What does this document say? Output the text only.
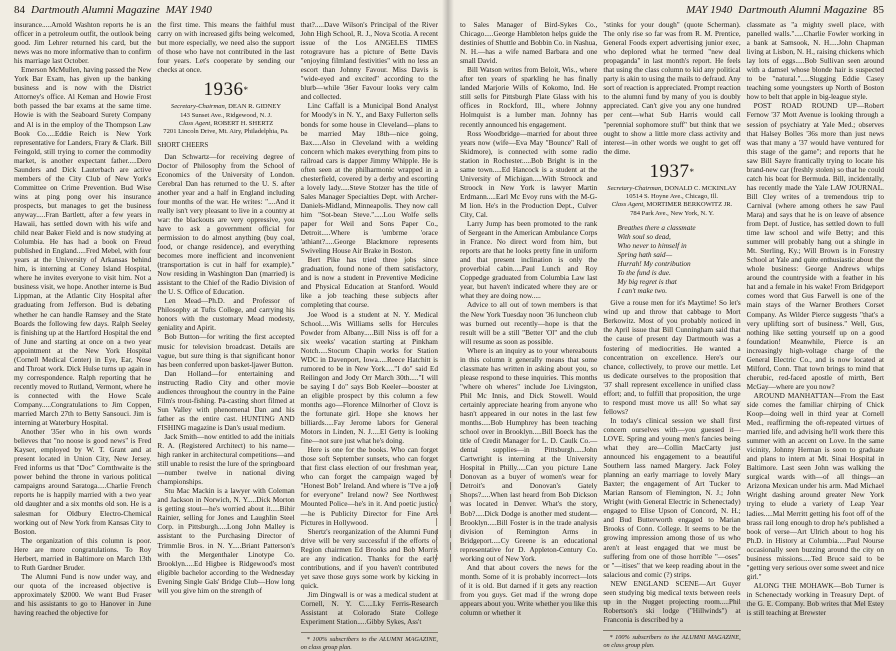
84 Dartmouth Alumni Magazine MAY 1940

insurance.....Arnold Washton reports he is an officer in a petroleum outfit, the outlook being good. Jim Lehrer returned his card, but the news was no more informative than to confirm his marriage last October.

Emerson McMullen, having passed the New York Bar Exam, has given up the banking business and is now with the District Attorney's office. Al Keman and Howie Frost both passed the bar exams at the same time. Howie is with the Seaboard Surety Company and Al is in the employ of the Thompson Law Book Co.....Eddie Reich is New York representative for Landers, Frary & Clark. Bill Feingold, still trying to corner the commodity market, is another expectant father.....Dero Saunders and Dick Lauterbach are active members of the City Club of New York's Committee on Crime Prevention. Bud Wise wins at ping pong over his insurance prospects, but manages to get the business anyway.....Fran Bartlett, after a few years in Hawaii, has settled down with his wife and child near Baker Field and is now studying at Columbia. He has had a book on Freud published in England.....Fred Mebel, with four years at the University of Arkansas behind him, is interning at Coney Island Hospital, where he invites everyone to visit him. Not a business visit, we hope. Another interne is Bud Lippman, at the Atlantic City Hospital after graduating from Jefferson. Bud is debating whether he can handle Ramsey and the State Boards the following few days. Ralph Seeley is finishing up at the Hartford Hospital the end of June and starting at once on a two year appointment at the New York Hospital (Cornell Medical Center) in Eye, Ear, Nose and Throat work. Dick Hulse turns up again in my correspondence. Ralph reporting that he recently moved to Rutland, Vermont, where he is connected with the Howe Scale Company.....Congratulations to Jim Coppen, married March 27th to Betty Sansouci. Jim is interning at Waterbury Hospital.

Another '35er who in his own words believes that "no noose is good news" is Fred Kayser, employed by W. T. Grant and at present located in Union City, New Jersey. Fred informs us that "Doc" Cornthwaite is the power behind the throne in various political campaigns around Saratoga.....Charlie French reports he is happily married with a two year old daughter and a six months old son. He is a salesman for Oldbury Electro-Chemical working out of New York from Kansas City to Boston.

The organization of this column is poor. Here are more congratulations. To Roy Herbert, married in Baltimore on March 13th to Ruth Gardner Bruder.

The Alumni Fund is now under way, and our quota of the increased objective is approximately $2000. We want Bud Fraser and his assistants to go to Hanover in June having reached the objective for

the first time. This means the faithful must carry on with increased gifts being welcomed, but more especially, we need also the support of those who have not contributed in the last four years. Let's cooperate by sending our checks at once.

1936*
Secretary-Chairman, DEAN R. GIDNEY
143 Sunset Ave., Ridgewood, N. J.
Class Agent, ROBERT H. SHERTZ
7201 Lincoln Drive, Mt. Airy, Philadelphia, Pa.
SHORT CHEERS

Dan Schwartz—for receiving degree of Doctor of Philosophy from the School of Economics of the University of London. Cerebral Dan has returned to the U. S. after another year and a half in England including four months of the war. He writes: "....And it really isn't very pleasant to live in a country at war: the blackouts are very oppressive, you have to ask a government official for permission to do almost anything (buy coal, food, or change residence), and everything becomes more inefficient and inconvenient (transportation is cut in half for example)." Now residing in Washington Dan (married) is assistant to the Chief of the Radio Division of the U. S. Office of Education.

Len Mead—Ph.D. and Professor of Philosophy at Tufts College, and carrying his honors with the customary Mead modesty, geniality and Apirit.

Bob Button—for writing the first accepted music for television broadcast. Details are vague, but sure thing is that significant honor has been conferred upon basket-ljawer Button.

Dan Holland—for entertaining and instructing Radio City and other movie audiences throughout the country in the Paine Film's trout-fishing. Pa-casting short filmed at Sun Valley with phenomenal Dan and his father as the entire cast. HUNTING AND FISHING magazine is Dan's usual medium.

Jack Smith—now entitled to add the initials R. A. (Registered Architect) to his name—high ranker in architectural competitions—and still unable to resist the lure of the springboard—number twelve in national diving championships.

Stu Mac Mackin is a lawyer with Coleman and Jackson in Norwich, N. Y.....Dick Morton is getting stout—he's worried about it.....Bihir Rainier, selling for Jones and Laughlin Steel Corp. in Pittsburgh.....Long John Malley is assistant to the Purchasing Director of Trimmlie Bros. in N. Y.....Briant Patterson's with the Mergenthaler Linotype Co. Brooklyn.....Ed Higbee is Ridgewood's most eligible bachelor according to the Wednesday Evening Single Gals' Bridge Club—How long will you give him on the strength of

that?.....Dave Wilson's Principal of the River John High School, R. J., Nova Scotia. A recent issue of the Los ANGELES TIMES rotogravure has a picture of Bette Davis "enjoying filmland festivities" with no less an escort than Johnny Favour. Miss Davis is "wide-eyed and excited" according to the blurb—while '36er Favour looks very calm and collected.

Linc Caffall is a Municipal Bond Analyst for Moody's in N. Y., and Baxy Fullerton sells bonds for some house in Cleveland—plans to be married May 18th—nice going, Bax.....Also in Cleveland with a welding concern which makes everything from pins to railroad cars is dapper Jimmy Whipple. He is often seen at the philharmonic wrapped in a chesterfield, covered by a derby and escorting a lovely lady.....Steve Stotzer has the title of Sales Manager Specialties Dept. with Archer-Daniels-Midland, Minneapolis. They now call him "Sot-bean Steve.".....Lou Wolfe sells paper for Weil and Sons Paper Co., Detroit.....Where is 'umbrme 'orace 'athiant?.....George Blackmore represents Swiveling House Air Brake in Boston.

Bert Pike has tried three jobs since graduation, found none of them satisfactory, and is now a student in Preventive Medicine and Physical Education at Stanford. Would like a job teaching these subjects after completing that course.

Joe Wood is a student at N. Y. Medical School.....Wis Williams sells for Hercules Powder from Albany.....Bill Niss is off for a six weeks' vacation starting at Pinkham Notch.....Stocum Chapin works for Station WDC in Davenport, Iowa.....Reece Hatchitt is rumored to be in New York....."I do" said Ed Reilingon and Jody Orr March 30th....."I will be saying I do" says Bob Keeler—booster at an eligible prospect by this column a few months ago—Florence Milnorher of Clovz is the fortunate girl. Hope she knows her billiards.....Fay Jerome labors for General Motors in Linden, N. J.....El Getty is looking fine—not sure just what he's doing.

Here is one for the books. Who can forget those soft September sunsets, who can forget that first class election of our freshman year, who can forget the campaign waged by "Honest Bob" Ireland. And where is "I've a job for everyone" Ireland now? See Northwest Mounted Police—he's in it. And poetic justice—he is Publicity Director for Fine Arts Pictures in Hollywood.

Shertz's reorganization of the Alumni Fund drive will be very successful if the efforts of Region chairmen Ed Brooks and Bob Morris are any indication. Thanks for the early contributions, and if you haven't contributed yet save those guys some work by kicking in quick.

Jim Dingwall is or was a medical student at Cornell, N. Y. C.....Lky Ferris-Research Assistant at Colorado State College Experiment Station.....Gibby Sykes, Ass't

* 100% subscribers to the ALUMNI MAGAZINE, on class group plan.

MAY 1940 Dartmouth Alumni Magazine 85

to Sales Manager of Bird-Sykes Co., Chicago.....George Hambleton helps guide the destinies of Shuttle and Bobbin Co. in Nashua, N. H.—has a wife named Barbara and one small David.

Bill Watson writes from Beloit, Wis., where after ten years of sparkling he has finally landed Marjorie Wills of Kokomo, Ind. He still sells for Pittsburgh Plate Glass with his offices in Rockford, Ill., where Johnny Holmquist is a lumber man. Johnny has recently announced his engagement.

Ross Woodbridge—married for about three years now (wife—Eva May "Bounce" Rall of Skidmore), is connected with some radio station in Rochester.....Bob Bright is in the same town.....Ed Hancock is a student at the University of Michigan.....With Stroock and Stroock in New York is lawyer Martin Erdmann.....Earl Mc Evoy runs with the M-G-M lion. He's in the Production Dept., Culver City, Cal.

Larry Jump has been promoted to the rank of Sergeant in the American Ambulance Corps in France. No direct word from him, but reports are that he looks pretty fine in uniform and that present inclination is only the proverbial cabin.....Paul Lunch and Roy Coppedge graduated from Columbia Law last year, but haven't indicated where they are or what they are doing now.....

Advice to all out of town members is that the New York Tuesday noon '36 luncheon club was burned out recently—hope is that the result will be a still "Better 'Ol" and the club will resume as soon as possible.

Where is an inquiry as to your whereabouts in this column it generally means that some classmate has written in asking about you, so please respond to these inquiries. This months "where oh wheres" include Joe Livingston, Phil Mc Innis, and Dick Stowell. Would certainly appreciate hearing from anyone who hasn't appeared in our notes in the last few months.....Bob Humphrey has been teaching school over in Brooklyn.....Bill Boeck has the title of Credit Manager for L. D. Caulk Co.—dental supplies—in Pittsburgh.....John Cartwright is interning at the University Hospital in Philly.....Can you picture Lane Donovan as a buyer of women's wear for Detroit's and Donovan's Gately Shops?.....When last heard from Bob Dickson was located in Denver. What's the story, Bob?.....Dick Dodge is another med student—Brooklyn.....Bill Foster is in the trade analysis division of Remington Arms in Bridgeport.....Cy Greene is an educational representative for D. Appleton-Century Co. working out of New York.

And that about covers the news for the month. Some of it is probably incorrect—lots of it is old. But darned if it gets any reaction from you guys. Get mad if the wrong dope appears about you. Write whether you like this column or whether it

"stinks for your dough" (quote Scherman). The only rise so far was from R. M. Prentice, General Foods expert advertising junior exec, who deplored what he termed "new deal propaganda" in last month's report. He feels that using the class column to kid any political party is akin to using the mails to defraud. Any sort of reaction is appreciated. Prompt reaction to the alumni fund by many of you is doubly appreciated. Can't give you any one hundred per cent—what Sub Harris would call "perennial sophomore stuff" but think that we ought to show a little more class activity and interest—in other words we ought to get off the dime.

1937*
Secretary-Chairman, DONALD C. MCKINLAY
10514 S. Hoyne Ave., Chicago, Ill.
Class Agent, MORTIMER BERKOWITZ JR.
784 Park Ave., New York, N. Y.

Breathes there a classmate

With soul so dead,

Who never to himself in

Spring hath said—

Hurrah! My contribution

To the fund is due.

My big regret is that

I can't make two.

Give a rouse men for it's Maytime! So let's wind up and throw that cabbage to Mort Berkowitz. Most of you probably noticed in the April issue that Bill Cunningham said that the cause of present day Dartmouth was a fostering of mediocrities. He wanted a concentration on excellence. Here's our chance, collectively, to prove our mettle. Let us dedicate ourselves to the proposition that '37 shall represent excellence in unified class effort; and, to fulfill that proposition, the urge to respond must move us all! So what say fellows?

In today's clinical session we shall first concern ourselves with—you guessed it—LOVE. Spring and young men's fancies being what they are—Collin MacCarty just announced his engagement to a beautiful Southern lass named Margery. Jack Foley planning an early marriage to lovely Mary Baxter; the engagement of Art Tucker to Marian Ransom of Flemington, N. J.; John Wright (with General Electric in Schenectady) engaged to Elise Upson of Concord, N. H.; and Bud Butterworth engaged to Marian Brooks of Conn. College. It seems to be the growing impression among those of us who aren't at least engaged that we must be suffering from one of those horrible "—oses" or "—itises" that we keep reading about in the salacious and comic (?) strips.

NEW ENGLAND SCENE—Art Guyer seen studying big medical texts between reels up in the Nugget projecting room.....Phil Robertson's ski lodge ("Hillwinds") at Franconia is described by a

* 100% subscribers to the ALUMNI MAGAZINE, on class group plan.

classmate as "a mighty swell place, with panelled walls.".....Charlie Fowler working in a bank at Samsook, N. H.....John Chapman living at Lisbon, N. H., raising chickens which lay lots of eggs.....Bob Sullivan seen around with a damsel whose blonde hair is suspected to be "natural.".....Slugging Eddie Casey teaching some youngsters up North of Boston how to belt that apple in big-league style.

POST ROAD ROUND UP—Robert Fernow '37 Mott Avenue is looking through a session of psychiatry at Yale Med.; observes that Halsey Bolles '36s more than just news was that many a '37 would have ventured for this stage of the game"; and reports that he saw Bill Sayre frantically trying to locate his brand-new car (freshly stolen) so that he could catch his boat for Bermuda. Bill, incidentally, has recently made the Yale LAW JOURNAL. Bill Cley writes of a tremendous trip to Carnival (where among others he saw Paul Mara) and says that he is on leave of absence from Dept. of Justice, has settled down to full time law school and wife Betty; and this summer will probably hang out a shingle in Mt. Sterling, Ky.; Will Brown is in Forestry School at Yale and quite enthusiastic about the whole business: George Andrews whips around the countryside with a feather in his hat and a female in his wake! From Bridgeport comes word that Gus Farwell is one of the main stays of the Warner Brothers Corset Company. As Wilder Pierce suggests "that's a very uplifting sort of business." Well, Gus, nothing like setting yourself up on a good foundation! Meanwhile, Pierce is an increasingly high-voltage charge of the General Electric Co., and is now located at Milford, Conn. That town brings to mind that cherubic, red-faced apostle of mirth, Bert McGay—where are you now?

AROUND MANHATTAN—From the East side comes the familiar chirping of Chick Koop—doing well in third year at Cornell Med., reaffirming the oft-repeated virtues of married life, and advising he'll work there this summer with an accent on Love. In the same vicinity, Johnny Herman is soon to graduate and plans to intern at Mt. Sinai Hospital in Baltimore. Last seen John was walking the surgical wards with—of all things—an Arizona Mexican under his arm. Mad Michael Wright dashing around greater New York trying to elude a variety of Leap Year ladies.....Mal Merritt getting his foot off of the brass rail long enough to drop he's published a book of verse—Art Ulrich about to hog his Ph.D. in History at Columbia.....Paul Nourse occasionally seen buzzing around the city on business missions.....Ted Bruce said to be "getting very serious over some sweet and nice girl."

ALONG THE MOHAWK—Bob Turner is in Schenectady working in Treasury Dept. of the G. E. Company. Bob writes that Mel Estey is still teaching at Brewster
